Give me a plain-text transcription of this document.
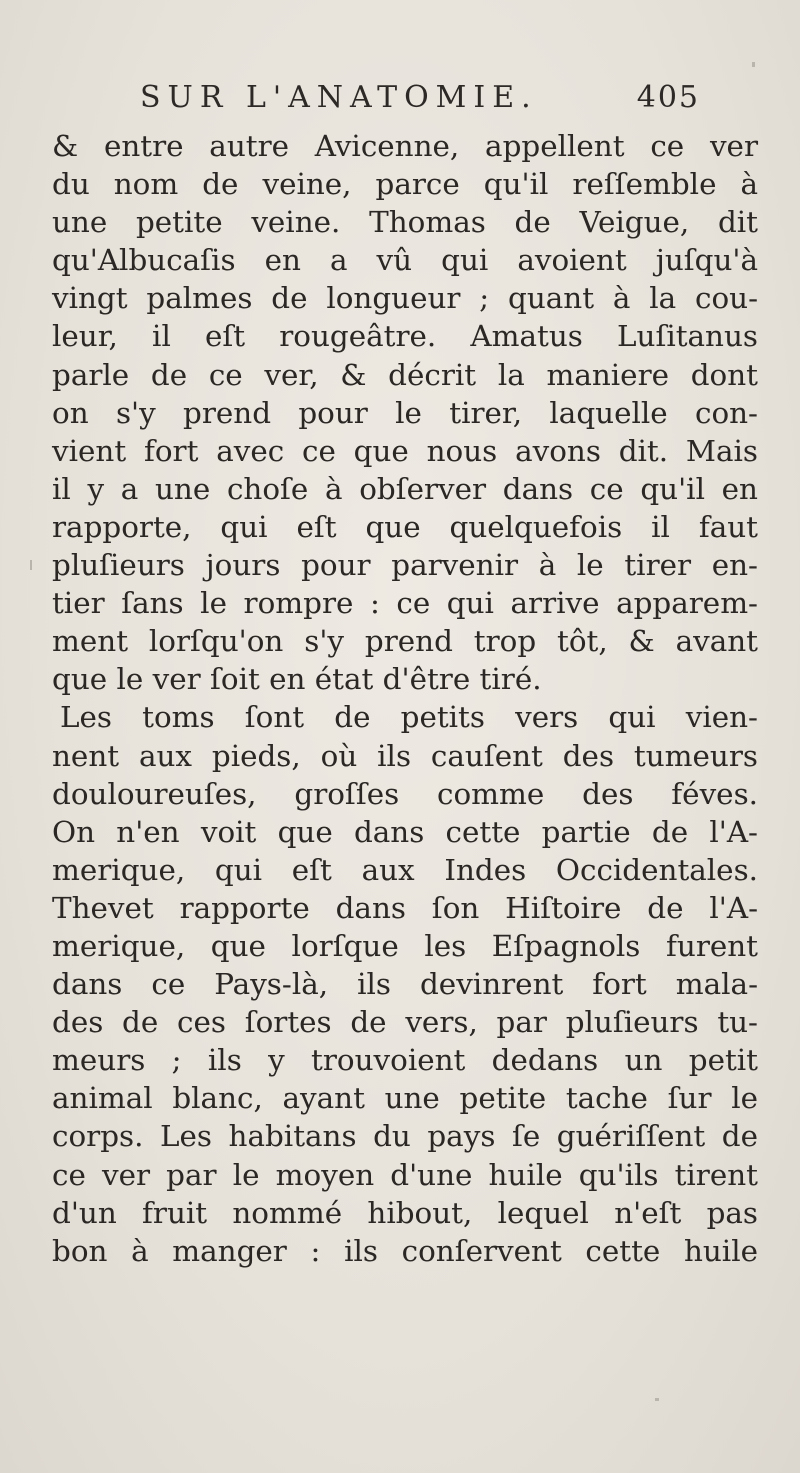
SUR L'ANATOMIE.	405
& entre autre Avicenne, appellent ce ver
du nom de veine, parce qu'il reſſemble à
une petite veine. Thomas de Veigue, dit
qu'Albucaſis en a vû qui avoient juſqu'à
vingt palmes de longueur ; quant à la cou-
leur, il eſt rougeâtre. Amatus Luſitanus
parle de ce ver, & décrit la maniere dont
on s'y prend pour le tirer, laquelle con-
vient fort avec ce que nous avons dit. Mais
il y a une choſe à obſerver dans ce qu'il en
rapporte, qui eſt que quelquefois il faut
pluſieurs jours pour parvenir à le tirer en-
tier ſans le rompre : ce qui arrive apparem-
ment lorſqu'on s'y prend trop tôt, & avant
que le ver ſoit en état d'être tiré.
Les toms ſont de petits vers qui vien-
nent aux pieds, où ils cauſent des tumeurs
douloureuſes, groſſes comme des féves.
On n'en voit que dans cette partie de l'A-
merique, qui eſt aux Indes Occidentales.
Thevet rapporte dans ſon Hiſtoire de l'A-
merique, que lorſque les Eſpagnols furent
dans ce Pays-là, ils devinrent fort mala-
des de ces ſortes de vers, par pluſieurs tu-
meurs ; ils y trouvoient dedans un petit
animal blanc, ayant une petite tache ſur le
corps. Les habitans du pays ſe guériſſent de
ce ver par le moyen d'une huile qu'ils tirent
d'un fruit nommé hibout, lequel n'eſt pas
bon à manger : ils conſervent cette huile
